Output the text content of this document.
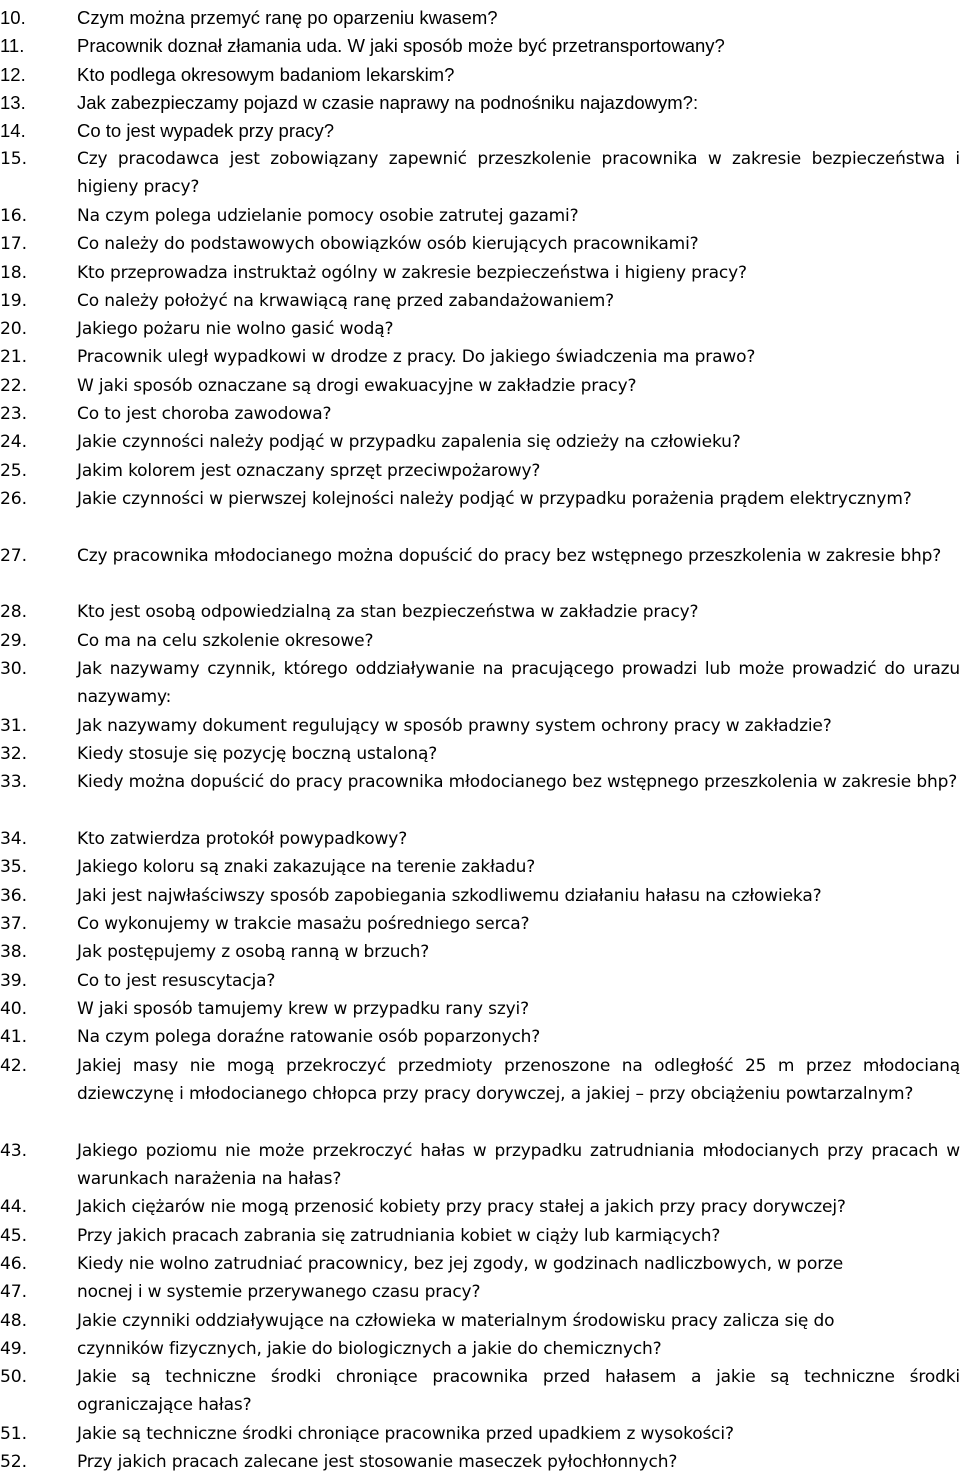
10.	Czym można przemyć ranę po oparzeniu kwasem?
11.	Pracownik doznał złamania uda. W jaki sposób może być przetransportowany?
12.	Kto podlega okresowym badaniom lekarskim?
13.	Jak zabezpieczamy pojazd w czasie naprawy na podnośniku najazdowym?:
14.	Co to jest wypadek przy pracy?
15.	Czy pracodawca jest zobowiązany zapewnić przeszkolenie pracownika w zakresie bezpieczeństwa i higieny pracy?
16.	Na czym polega udzielanie pomocy osobie zatrutej gazami?
17.	Co należy do podstawowych obowiązków osób kierujących pracownikami?
18.	Kto przeprowadza instruktaż ogólny w zakresie bezpieczeństwa i higieny pracy?
19.	Co należy położyć na krwawiącą ranę przed zabandażowaniem?
20.	Jakiego pożaru nie wolno gasić wodą?
21.	Pracownik uległ wypadkowi w drodze z pracy. Do jakiego świadczenia ma prawo?
22.	W jaki sposób oznaczane są drogi ewakuacyjne w zakładzie pracy?
23.	Co to jest choroba zawodowa?
24.	Jakie czynności należy podjąć w przypadku zapalenia się odzieży na człowieku?
25.	Jakim kolorem jest oznaczany sprzęt przeciwpożarowy?
26.	Jakie czynności w pierwszej kolejności należy podjąć w przypadku porażenia prądem elektrycznym?
27.	Czy pracownika młodocianego można dopuścić do pracy bez wstępnego przeszkolenia w zakresie bhp?
28.	Kto jest osobą odpowiedzialną za stan bezpieczeństwa w zakładzie pracy?
29.	Co ma na celu szkolenie okresowe?
30.	Jak nazywamy czynnik, którego oddziaływanie na pracującego prowadzi lub może prowadzić do urazu nazywamy:
31.	Jak nazywamy dokument regulujący w sposób prawny system ochrony pracy w zakładzie?
32.	Kiedy stosuje się pozycję boczną ustaloną?
33.	Kiedy można dopuścić do pracy pracownika młodocianego bez wstępnego przeszkolenia w zakresie bhp?
34.	Kto zatwierdza protokół powypadkowy?
35.	Jakiego koloru są znaki zakazujące na terenie zakładu?
36.	Jaki jest najwłaściwszy sposób zapobiegania szkodliwemu działaniu hałasu na człowieka?
37.	Co wykonujemy w trakcie masażu pośredniego serca?
38.	Jak postępujemy z osobą ranną w brzuch?
39.	Co to jest resuscytacja?
40.	W jaki sposób tamujemy krew w przypadku rany szyi?
41.	Na czym polega doraźne ratowanie osób poparzonych?
42.	Jakiej masy nie mogą przekroczyć przedmioty przenoszone na odległość 25 m przez młodocianą dziewczynę i młodocianego chłopca przy pracy dorywczej, a jakiej – przy obciążeniu powtarzalnym?
43.	Jakiego poziomu nie może przekroczyć hałas w przypadku zatrudniania młodocianych przy pracach w warunkach narażenia na hałas?
44.	Jakich ciężarów nie mogą przenosić kobiety przy pracy stałej a jakich przy pracy dorywczej?
45.	Przy jakich pracach zabrania się zatrudniania kobiet w ciąży lub karmiących?
46.	Kiedy nie wolno zatrudniać pracownicy, bez jej zgody, w godzinach nadliczbowych, w porze
47.	nocnej i w systemie przerywanego czasu pracy?
48.	Jakie czynniki oddziaływujące na człowieka w materialnym środowisku pracy zalicza się do
49.	czynników fizycznych, jakie do biologicznych a jakie do chemicznych?
50.	Jakie są techniczne środki chroniące pracownika przed hałasem a jakie są techniczne środki ograniczające hałas?
51.	Jakie są techniczne środki chroniące pracownika przed upadkiem z wysokości?
52.	Przy jakich pracach zalecane jest stosowanie maseczek pyłochłonnych?
